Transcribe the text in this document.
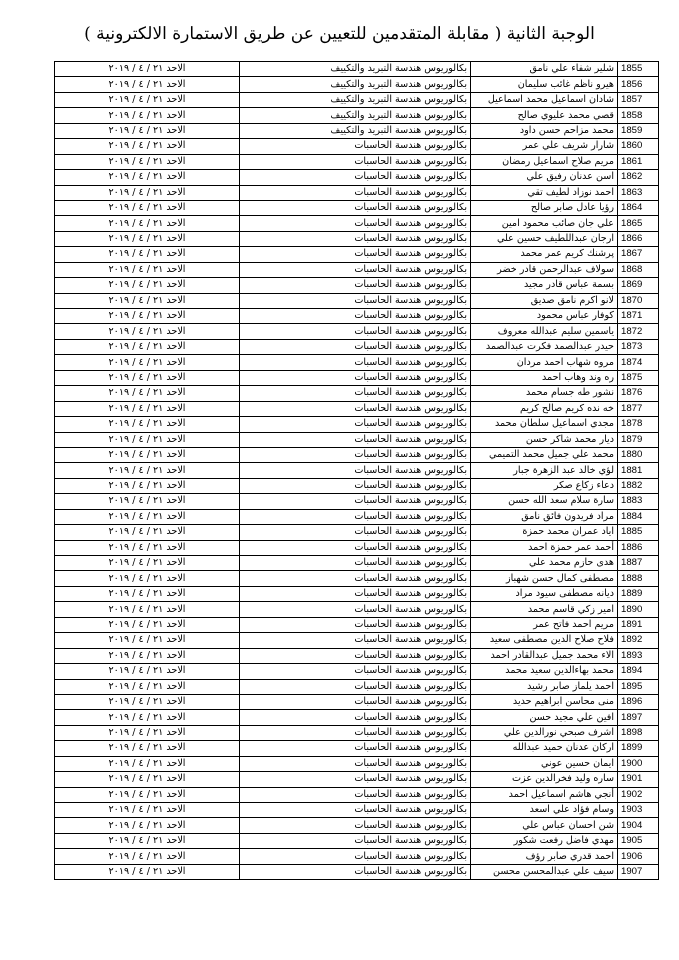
الوجبة الثانية ( مقابلة المتقدمين للتعيين عن طريق الاستمارة الالكترونية )
1855	شلير شفاء علي نامق	بكالوريوس هندسة التبريد والتكييف	الاحد ٢١ / ٤ / ٢٠١٩
1856	هيرو ناظم غائب سليمان	بكالوريوس هندسة التبريد والتكييف	الاحد ٢١ / ٤ / ٢٠١٩
1857	شادان اسماعيل محمد اسماعيل	بكالوريوس هندسة التبريد والتكييف	الاحد ٢١ / ٤ / ٢٠١٩
1858	قصي محمد عليوي صالح	بكالوريوس هندسة التبريد والتكييف	الاحد ٢١ / ٤ / ٢٠١٩
1859	محمد مزاحم حسن داود	بكالوريوس هندسة التبريد والتكييف	الاحد ٢١ / ٤ / ٢٠١٩
1860	شارار شريف علي عمر	بكالوريوس هندسة الحاسبات	الاحد ٢١ / ٤ / ٢٠١٩
1861	مريم صلاح اسماعيل رمضان	بكالوريوس هندسة الحاسبات	الاحد ٢١ / ٤ / ٢٠١٩
1862	اسن عدنان رفيق علي	بكالوريوس هندسة الحاسبات	الاحد ٢١ / ٤ / ٢٠١٩
1863	احمد نوزاد لطيف تقي	بكالوريوس هندسة الحاسبات	الاحد ٢١ / ٤ / ٢٠١٩
1864	رؤيا عادل صابر صالح	بكالوريوس هندسة الحاسبات	الاحد ٢١ / ٤ / ٢٠١٩
1865	علي جان صائب محمود امين	بكالوريوس هندسة الحاسبات	الاحد ٢١ / ٤ / ٢٠١٩
1866	ارجان عبداللطيف حسين علي	بكالوريوس هندسة الحاسبات	الاحد ٢١ / ٤ / ٢٠١٩
1867	پرشنك كريم عمر محمد	بكالوريوس هندسة الحاسبات	الاحد ٢١ / ٤ / ٢٠١٩
1868	سولاف عبدالرحمن قادر خضر	بكالوريوس هندسة الحاسبات	الاحد ٢١ / ٤ / ٢٠١٩
1869	بسمة عباس قادر مجيد	بكالوريوس هندسة الحاسبات	الاحد ٢١ / ٤ / ٢٠١٩
1870	لانو اكرم نامق صديق	بكالوريوس هندسة الحاسبات	الاحد ٢١ / ٤ / ٢٠١٩
1871	كوفار عباس محمود	بكالوريوس هندسة الحاسبات	الاحد ٢١ / ٤ / ٢٠١٩
1872	ياسمين سليم عبدالله معروف	بكالوريوس هندسة الحاسبات	الاحد ٢١ / ٤ / ٢٠١٩
1873	حيدر عبدالصمد فكرت عبدالصمد	بكالوريوس هندسة الحاسبات	الاحد ٢١ / ٤ / ٢٠١٩
1874	مروه شهاب احمد مردان	بكالوريوس هندسة الحاسبات	الاحد ٢١ / ٤ / ٢٠١٩
1875	ره وند وهاب احمد	بكالوريوس هندسة الحاسبات	الاحد ٢١ / ٤ / ٢٠١٩
1876	نشور طه جسام محمد	بكالوريوس هندسة الحاسبات	الاحد ٢١ / ٤ / ٢٠١٩
1877	خه نده كريم صالح كريم	بكالوريوس هندسة الحاسبات	الاحد ٢١ / ٤ / ٢٠١٩
1878	مجدي اسماعيل سلطان محمد	بكالوريوس هندسة الحاسبات	الاحد ٢١ / ٤ / ٢٠١٩
1879	ديار محمد شاكر حسن	بكالوريوس هندسة الحاسبات	الاحد ٢١ / ٤ / ٢٠١٩
1880	محمد علي جميل محمد التميمي	بكالوريوس هندسة الحاسبات	الاحد ٢١ / ٤ / ٢٠١٩
1881	لؤي خالد عبد الزهرة جبار	بكالوريوس هندسة الحاسبات	الاحد ٢١ / ٤ / ٢٠١٩
1882	دعاء زكاع صكر	بكالوريوس هندسة الحاسبات	الاحد ٢١ / ٤ / ٢٠١٩
1883	سارة سلام سعد الله حسن	بكالوريوس هندسة الحاسبات	الاحد ٢١ / ٤ / ٢٠١٩
1884	مراد فريدون فائق نامق	بكالوريوس هندسة الحاسبات	الاحد ٢١ / ٤ / ٢٠١٩
1885	اياد عمران محمد حمزة	بكالوريوس هندسة الحاسبات	الاحد ٢١ / ٤ / ٢٠١٩
1886	أحمد عمر حمزة احمد	بكالوريوس هندسة الحاسبات	الاحد ٢١ / ٤ / ٢٠١٩
1887	هدى حازم محمد علي	بكالوريوس هندسة الحاسبات	الاحد ٢١ / ٤ / ٢٠١٩
1888	مصطفى كمال حسن شهباز	بكالوريوس هندسة الحاسبات	الاحد ٢١ / ٤ / ٢٠١٩
1889	ديانه مصطفى سيود مراد	بكالوريوس هندسة الحاسبات	الاحد ٢١ / ٤ / ٢٠١٩
1890	امير زكي قاسم محمد	بكالوريوس هندسة الحاسبات	الاحد ٢١ / ٤ / ٢٠١٩
1891	مريم احمد فاتح عمر	بكالوريوس هندسة الحاسبات	الاحد ٢١ / ٤ / ٢٠١٩
1892	فلاح صلاح الدين مصطفى سعيد	بكالوريوس هندسة الحاسبات	الاحد ٢١ / ٤ / ٢٠١٩
1893	الاء محمد جميل عبدالقادر احمد	بكالوريوس هندسة الحاسبات	الاحد ٢١ / ٤ / ٢٠١٩
1894	محمد بهاءالدين سعيد محمد	بكالوريوس هندسة الحاسبات	الاحد ٢١ / ٤ / ٢٠١٩
1895	احمد يلماز صابر رشيد	بكالوريوس هندسة الحاسبات	الاحد ٢١ / ٤ / ٢٠١٩
1896	منى محاسن ابراهيم حديد	بكالوريوس هندسة الحاسبات	الاحد ٢١ / ٤ / ٢٠١٩
1897	افين علي مجيد حسن	بكالوريوس هندسة الحاسبات	الاحد ٢١ / ٤ / ٢٠١٩
1898	اشرف صبحي نورالدين علي	بكالوريوس هندسة الحاسبات	الاحد ٢١ / ٤ / ٢٠١٩
1899	اركان عدنان حميد عبدالله	بكالوريوس هندسة الحاسبات	الاحد ٢١ / ٤ / ٢٠١٩
1900	ايمان حسين عوني	بكالوريوس هندسة الحاسبات	الاحد ٢١ / ٤ / ٢٠١٩
1901	ساره وليد فخرالدين عزت	بكالوريوس هندسة الحاسبات	الاحد ٢١ / ٤ / ٢٠١٩
1902	أنجي هاشم اسماعيل احمد	بكالوريوس هندسة الحاسبات	الاحد ٢١ / ٤ / ٢٠١٩
1903	وسام فؤاد علي اسعد	بكالوريوس هندسة الحاسبات	الاحد ٢١ / ٤ / ٢٠١٩
1904	شن احسان عباس علي	بكالوريوس هندسة الحاسبات	الاحد ٢١ / ٤ / ٢٠١٩
1905	مهدي فاضل رفعت شكور	بكالوريوس هندسة الحاسبات	الاحد ٢١ / ٤ / ٢٠١٩
1906	احمد قدري صابر رؤف	بكالوريوس هندسة الحاسبات	الاحد ٢١ / ٤ / ٢٠١٩
1907	سيف علي عبدالمحسن محسن	بكالوريوس هندسة الحاسبات	الاحد ٢١ / ٤ / ٢٠١٩
